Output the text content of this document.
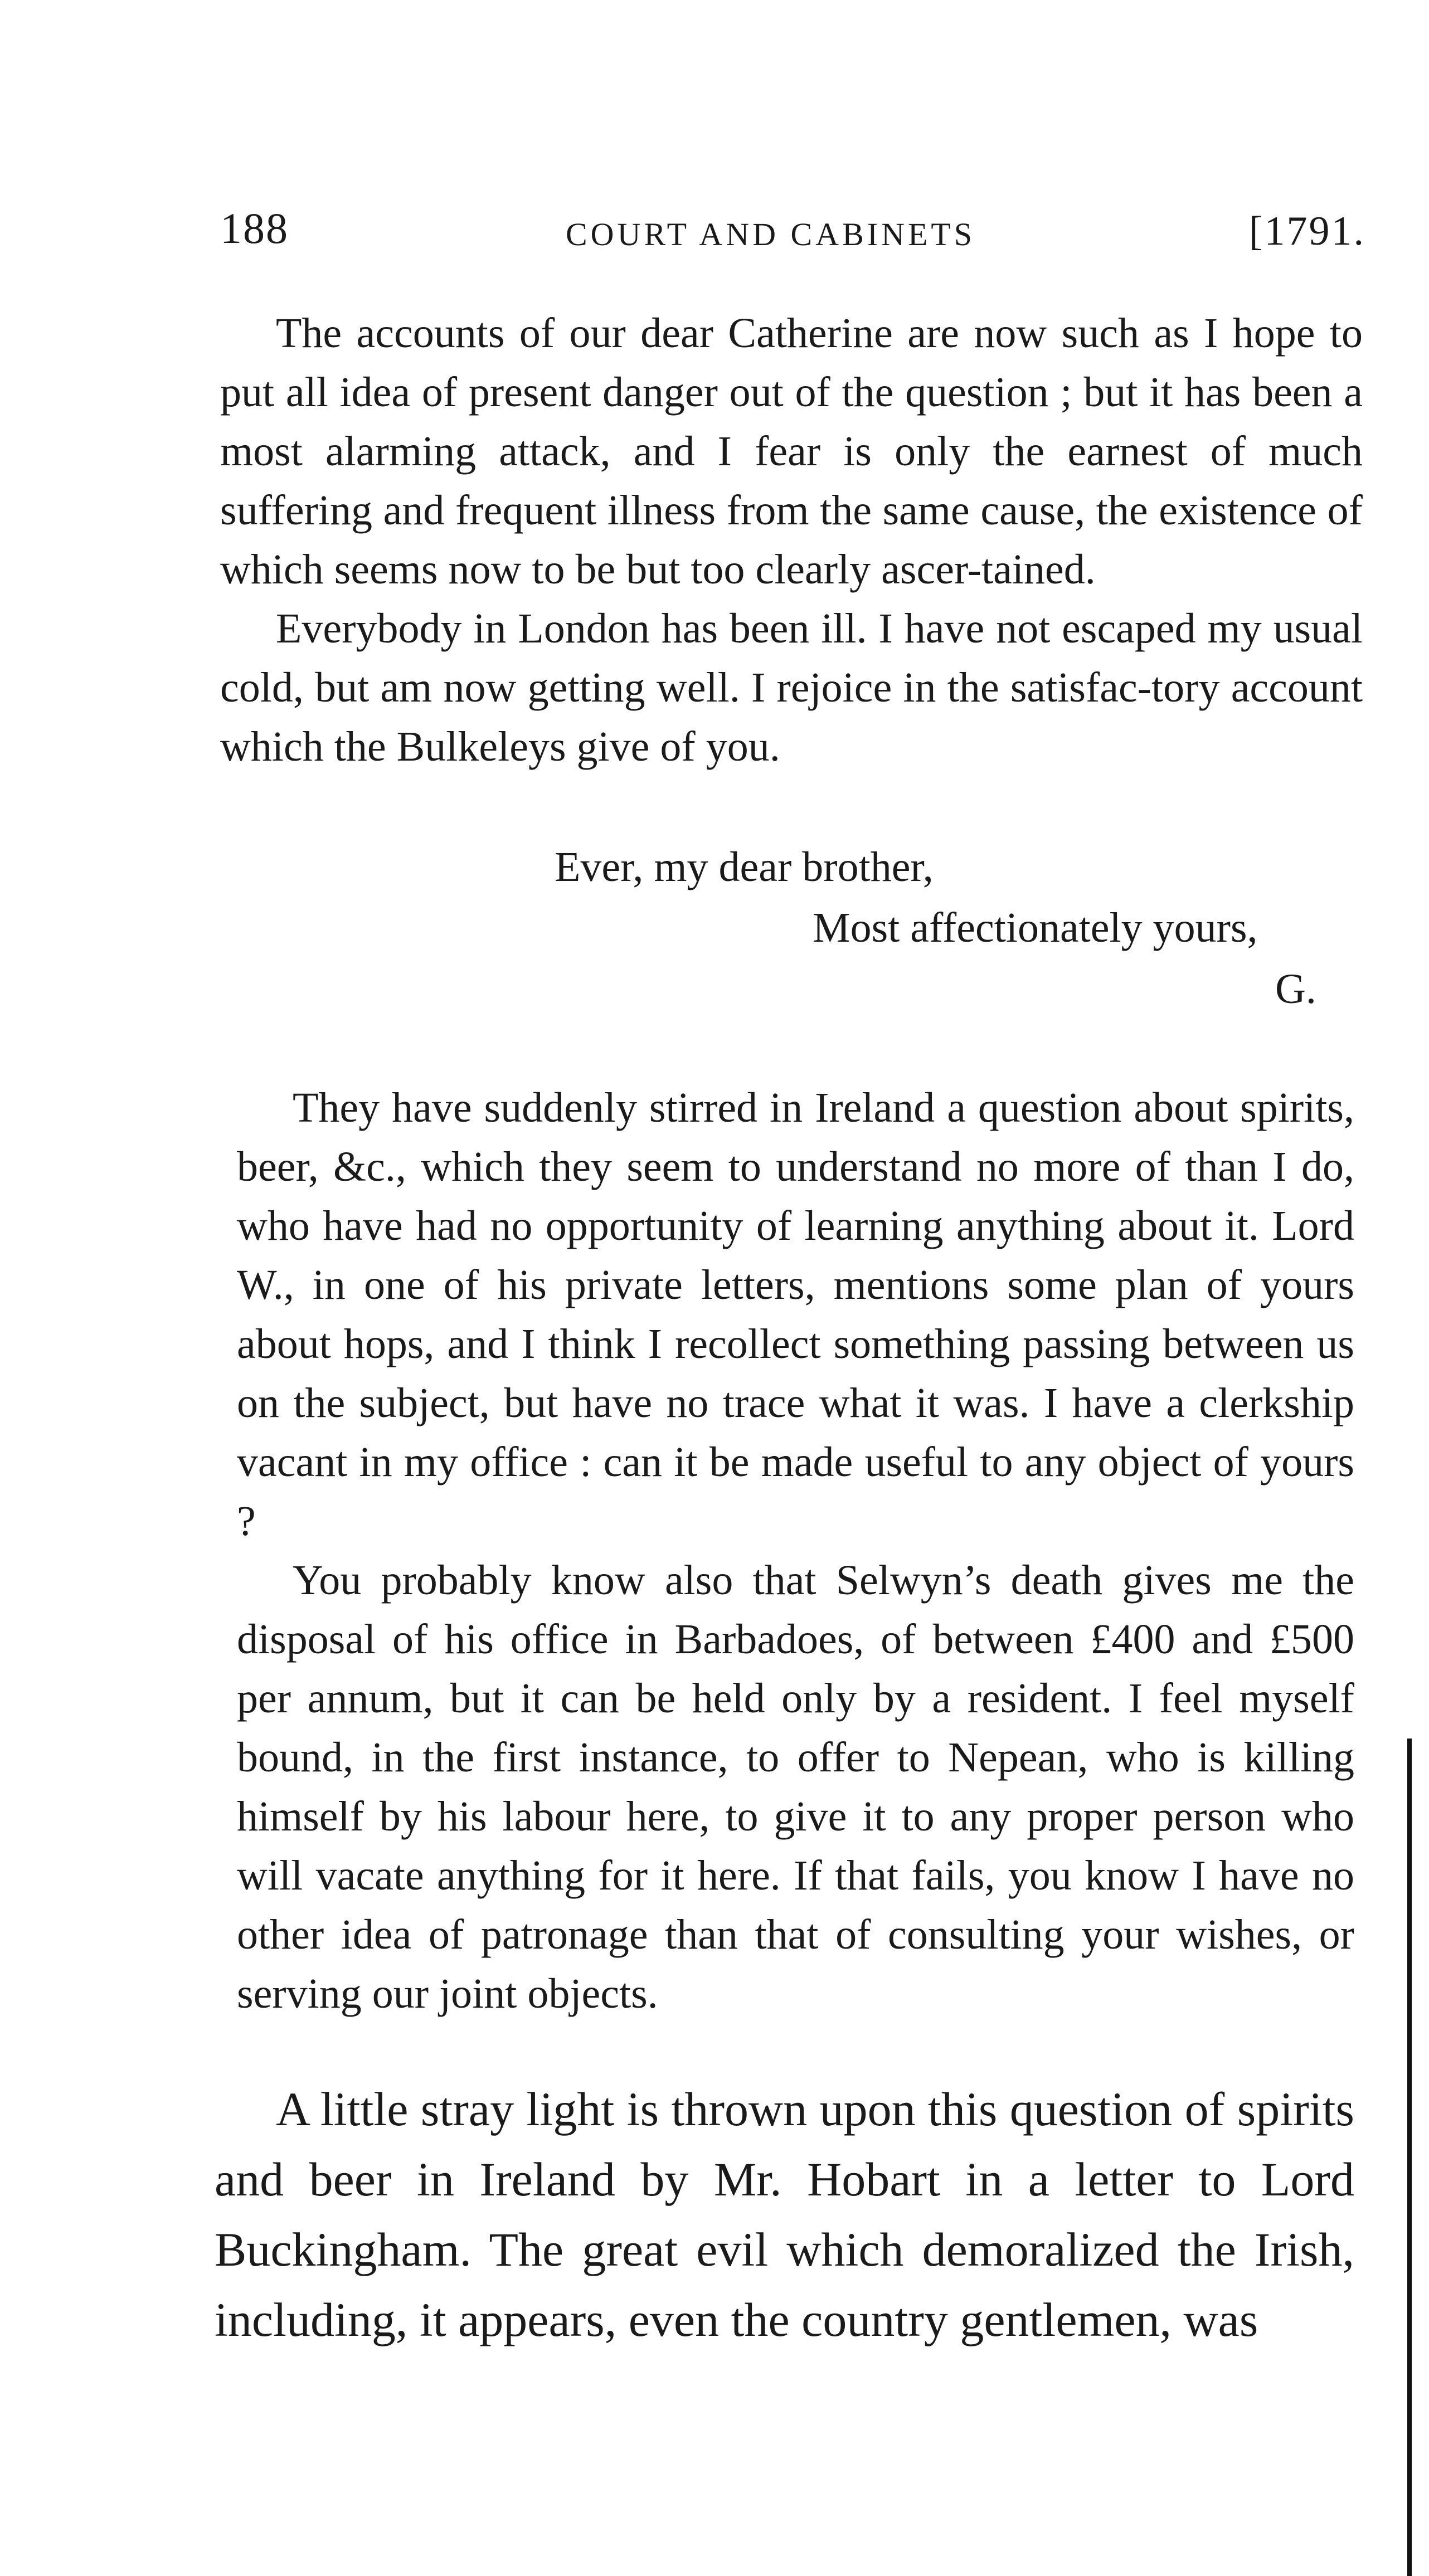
188	COURT AND CABINETS	[1791.

The accounts of our dear Catherine are now such as I hope to put all idea of present danger out of the question ; but it has been a most alarming attack, and I fear is only the earnest of much suffering and frequent illness from the same cause, the existence of which seems now to be but too clearly ascer-tained.

Everybody in London has been ill. I have not escaped my usual cold, but am now getting well. I rejoice in the satisfac-tory account which the Bulkeleys give of you.

Ever, my dear brother,
Most affectionately yours,
G.

They have suddenly stirred in Ireland a question about spirits, beer, &c., which they seem to understand no more of than I do, who have had no opportunity of learning anything about it. Lord W., in one of his private letters, mentions some plan of yours about hops, and I think I recollect something passing between us on the subject, but have no trace what it was. I have a clerkship vacant in my office : can it be made useful to any object of yours ?

You probably know also that Selwyn’s death gives me the disposal of his office in Barbadoes, of between £400 and £500 per annum, but it can be held only by a resident. I feel myself bound, in the first instance, to offer to Nepean, who is killing himself by his labour here, to give it to any proper person who will vacate anything for it here. If that fails, you know I have no other idea of patronage than that of consulting your wishes, or serving our joint objects.

A little stray light is thrown upon this question of spirits and beer in Ireland by Mr. Hobart in a letter to Lord Buckingham. The great evil which demoralized the Irish, including, it appears, even the country gentlemen, was
